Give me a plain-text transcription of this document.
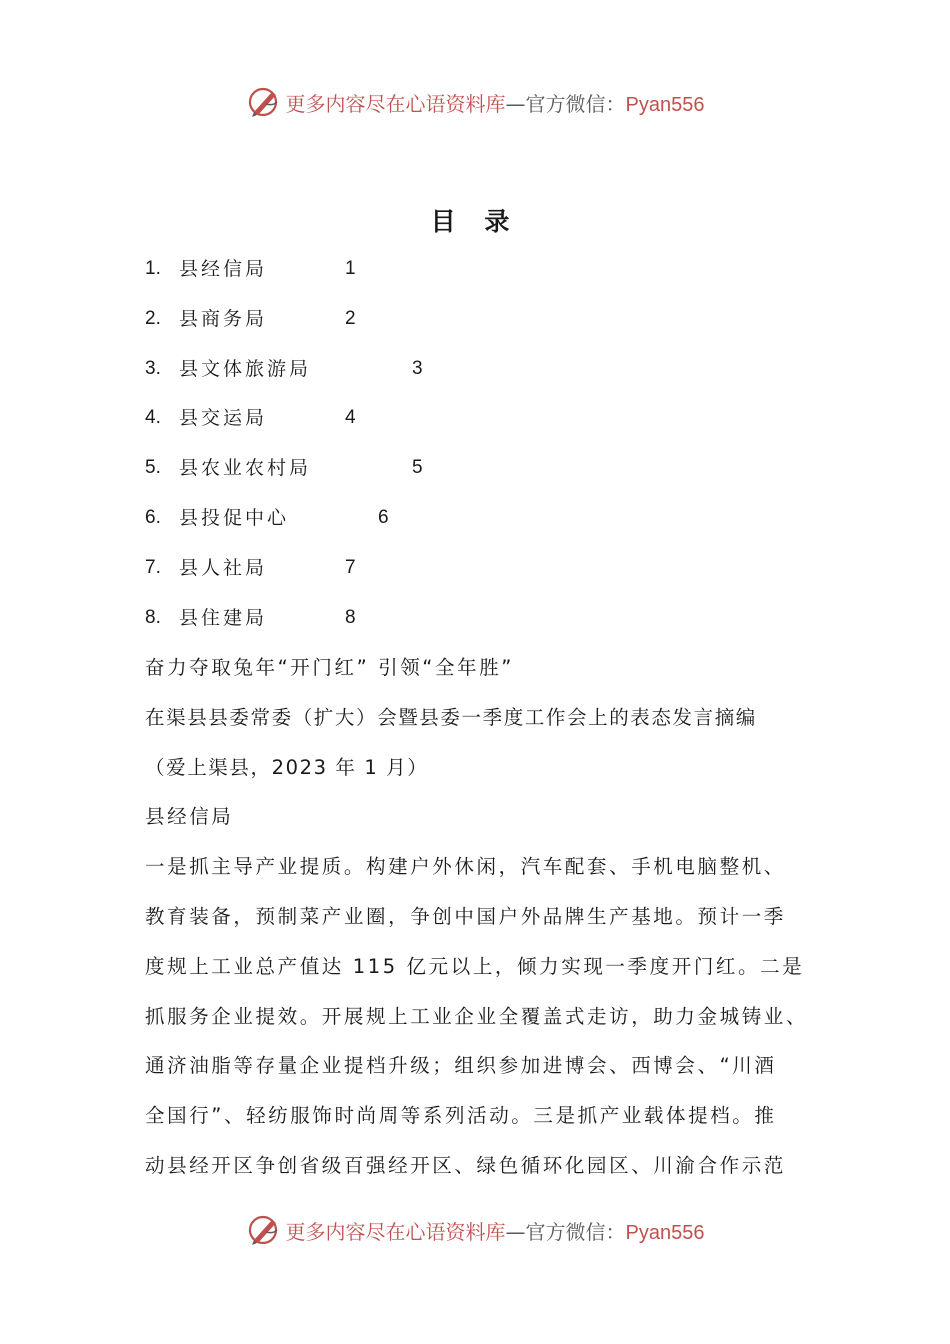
更多内容尽在心语资料库—官方微信：Pyan556
目 录
1. 县经信局	1
2. 县商务局	2
3. 县文体旅游局	3
4. 县交运局	4
5. 县农业农村局	5
6. 县投促中心	6
7. 县人社局	7
8. 县住建局	8
奋力夺取兔年“开门红” 引领“全年胜”
在渠县县委常委（扩大）会暨县委一季度工作会上的表态发言摘编
（爱上渠县，2023 年 1 月）
县经信局
一是抓主导产业提质。构建户外休闲，汽车配套、手机电脑整机、
教育装备，预制菜产业圈，争创中国户外品牌生产基地。预计一季
度规上工业总产值达 115 亿元以上，倾力实现一季度开门红。二是
抓服务企业提效。开展规上工业企业全覆盖式走访，助力金城铸业、
通济油脂等存量企业提档升级；组织参加进博会、西博会、“川酒
全国行”、轻纺服饰时尚周等系列活动。三是抓产业载体提档。推
动县经开区争创省级百强经开区、绿色循环化园区、川渝合作示范
更多内容尽在心语资料库—官方微信：Pyan556
